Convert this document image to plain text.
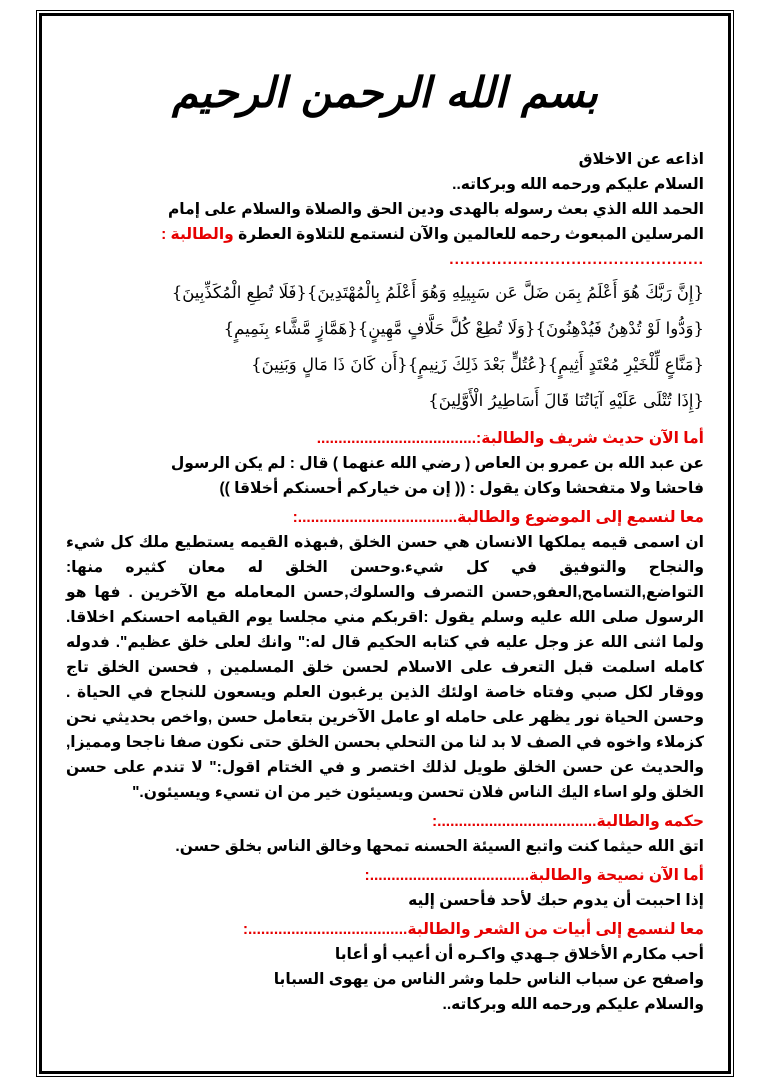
بسم الله الرحمن الرحيم

اذاعه عن الاخلاق

السلام عليكم ورحمه الله وبركاته..

الحمد الله الذي بعث رسوله بالهدى ودين الحق والصلاة والسلام على إمام

المرسلين المبعوث رحمه للعالمين والآن لنستمع للتلاوة العطرة والطالبة :

................................................

{إِنَّ رَبَّكَ هُوَ أَعْلَمُ بِمَن ضَلَّ عَن سَبِيلِهِ وَهُوَ أَعْلَمُ بِالْمُهْتَدِينَ}{فَلَا تُطِعِ الْمُكَذِّبِينَ}

{وَدُّوا لَوْ تُدْهِنُ فَيُدْهِنُونَ}{وَلَا تُطِعْ كُلَّ حَلَّافٍ مَّهِينٍ}{هَمَّازٍ مَّشَّاء بِنَمِيمٍ}

{مَنَّاعٍ لِّلْخَيْرِ مُعْتَدٍ أَثِيمٍ}{عُتُلٍّ بَعْدَ ذَلِكَ زَنِيمٍ}{أَن كَانَ ذَا مَالٍ وَبَنِينَ}

{إِذَا تُتْلَى عَلَيْهِ آيَاتُنَا قَالَ أَسَاطِيرُ الْأَوَّلِينَ}

أما الآن حديث شريف والطالبة:.....................................

عن عبد الله بن عمرو بن العاص ( رضي الله عنهما ) قال : لم يكن الرسول

فاحشا ولا متفحشا وكان يقول : (( إن من خياركم أحسنكم أخلاقا ))

معا لنسمع إلى الموضوع والطالبة.....................................:

ان اسمى قيمه يملكها الانسان هي حسن الخلق ,فبهذه القيمه يستطيع ملك كل شيء والنجاح والتوفيق في كل شيء.وحسن الخلق له معان كثيره منها: التواضع,التسامح,العفو,حسن التصرف والسلوك,حسن المعامله مع الآخرين . فها هو الرسول صلى الله عليه وسلم يقول :اقربكم مني مجلسا يوم القيامه احسنكم اخلاقا. ولما اثنى الله عز وجل عليه في كتابه الحكيم قال له:" وانك لعلى خلق عظيم". فدوله كامله اسلمت قبل التعرف على الاسلام لحسن خلق المسلمين , فحسن الخلق تاج ووقار لكل صبي وفتاه خاصة اولئك الذين يرغبون العلم ويسعون للنجاح في الحياة . وحسن الحياة نور يظهر على حامله او عامل الآخرين بتعامل حسن ,واخص بحديثي نحن كزملاء واخوه في الصف لا بد لنا من التحلي بحسن الخلق حتى نكون صفا ناجحا ومميزا, والحديث عن حسن الخلق طويل لذلك اختصر و في الختام اقول:" لا تندم على حسن الخلق ولو اساء اليك الناس فلان تحسن ويسيئون خير من ان تسيء ويسيئون."

حكمه والطالبة.....................................:

اتق الله حيثما كنت واتبع السيئة الحسنه تمحها وخالق الناس بخلق حسن.

أما الآن نصيحة والطالبة.....................................:

إذا احببت أن يدوم حبك لأحد فأحسن إليه

معا لنسمع إلى أبيات من الشعر والطالبة.....................................:

أحب مكارم الأخلاق جـهدي واكـره أن أعيب أو أعابا

واصفح عن سباب الناس حلما وشر الناس من يهوى السبابا

والسلام عليكم ورحمه الله وبركاته..
